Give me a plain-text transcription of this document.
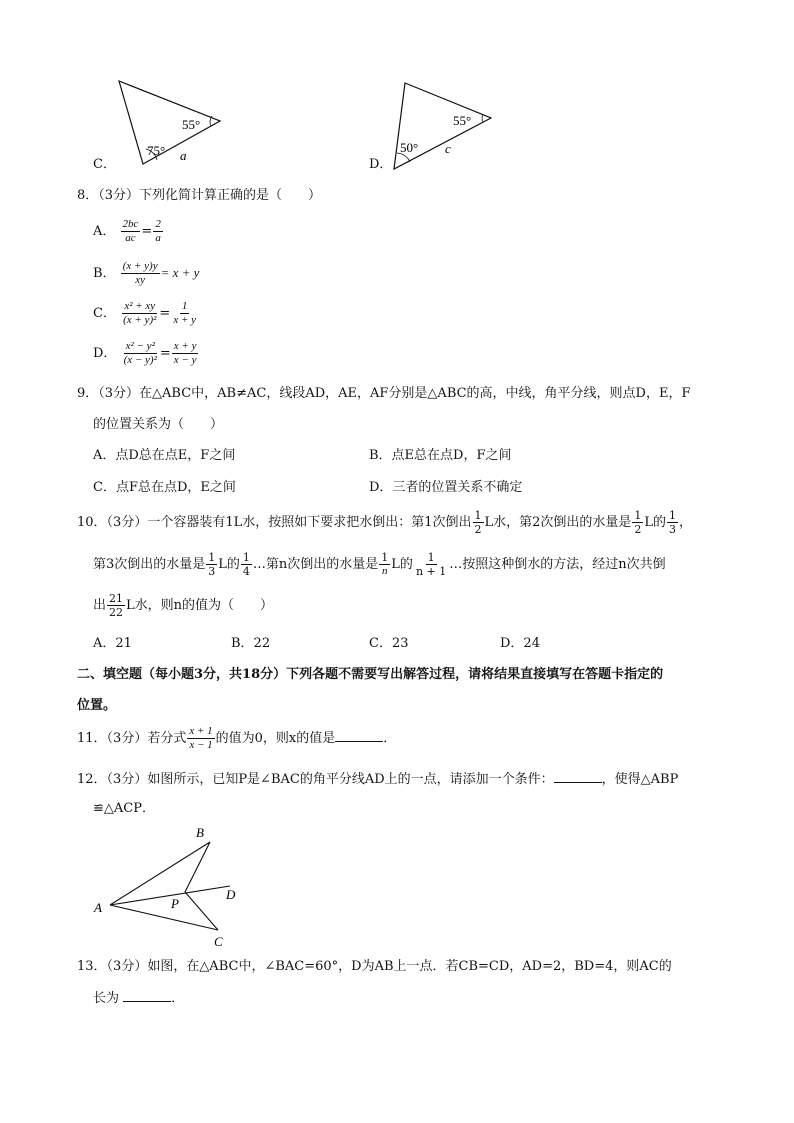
C．
55°
75° a
D．
55°
50° c
8．（3分）下列化简计算正确的是（　　）
A． $\frac{2bc}{ac} = \frac{2}{a}$
B． $\frac{(x + y)y}{xy} = x + y$
C． $\frac{\text{x² + xy}}{\text{(x + y)²}} = \frac{1}{x + y}$
D． $\frac{\text{x² − y²}}{\text{(x − y)²}} = \frac{x + y}{x - y}$
9．（3分）在△ABC中，AB≠AC，线段AD，AE，AF分别是△ABC的高，中线，角平分线，则点D，E，F
的位置关系为（　　）
A．点D总在点E，F之间	B．点E总在点D，F之间
C．点F总在点D，E之间	D．三者的位置关系不确定
10．（3分）一个容器装有1L水，按照如下要求把水倒出：第1次倒出 $\frac{1}{2}$ L水，第2次倒出的水量是 $\frac{1}{2}$ L的 $\frac{1}{3}$ ，
第3次倒出的水量是 $\frac{1}{3}$ L的 $\frac{1}{4}$ …第n次倒出的水量是 $\frac{1}{n}$ L的 $\frac{1}{n + 1}$ …按照这种倒水的方法，经过n次共倒
出 $\frac{21}{22}$ L水，则n的值为（　　）
A．21	B．22	C．23	D．24
二、填空题（每小题3分，共18分）下列各题不需要写出解答过程，请将结果直接填写在答题卡指定的
位置。
11．（3分）若分式 $\frac{x + 1}{x - 1}$ 的值为0，则x的值是	．
12．（3分）如图所示，已知P是∠BAC的角平分线AD上的一点，请添加一个条件：	，使得△ABP
≌△ACP．
B
A	P
D
C
13．（3分）如图，在△ABC中，∠BAC=60°，D为AB上一点．若CB=CD，AD=2，BD=4，则AC的
长为	．
